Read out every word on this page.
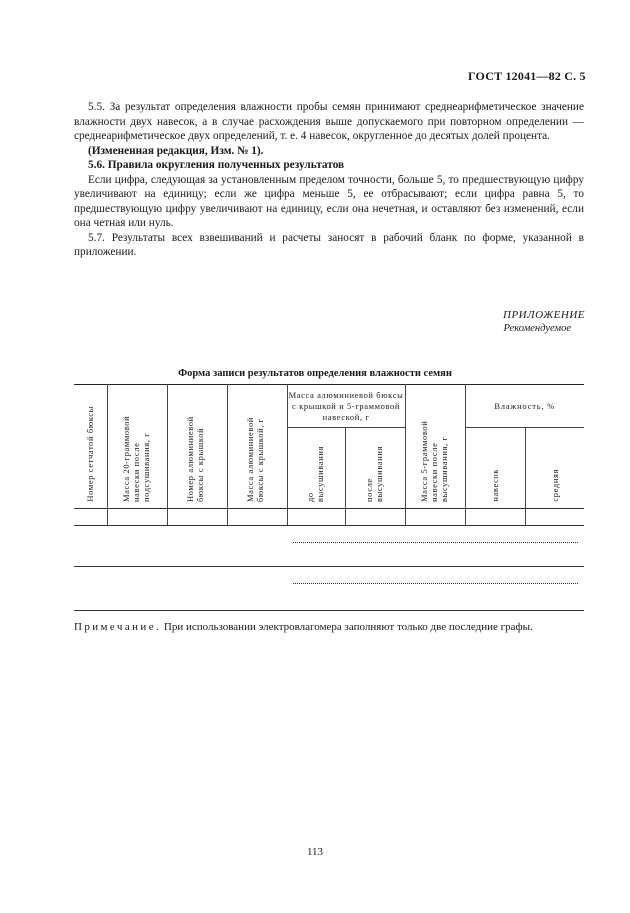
ГОСТ 12041—82 С. 5

5.5. За результат определения влажности пробы семян принимают среднеарифметическое значение влажности двух навесок, а в случае расхождения выше допускаемого при повторном определении — среднеарифметическое двух определений, т. е. 4 навесок, округленное до десятых долей процента.

(Измененная редакция, Изм. № 1).

5.6. Правила округления полученных результатов

Если цифра, следующая за установленным пределом точности, больше 5, то предшествующую цифру увеличивают на единицу; если же цифра меньше 5, ее отбрасывают; если цифра равна 5, то предшествующую цифру увеличивают на единицу, если она нечетная, и оставляют без изменений, если она четная или нуль.

5.7. Результаты всех взвешиваний и расчеты заносят в рабочий бланк по форме, указанной в приложении.

ПРИЛОЖЕНИЕ
Рекомендуемое
Форма записи результатов определения влажности семян
Номер сетчатой бюксы	Масса 20-граммовой навески после подсушивания, г	Номер алюминиевой бюксы с крышкой	Масса алюминиевой бюксы с крышкой, г	Масса алюминиевой бюксы с крышкой и 5-граммовой навеской, г		Масса 5-граммовой навески после высушивания, г	Влажность, %	

				до высушивания	после высушивания		навесок	средняя

Примечание. При использовании электровлагомера заполняют только две последние графы.
113
